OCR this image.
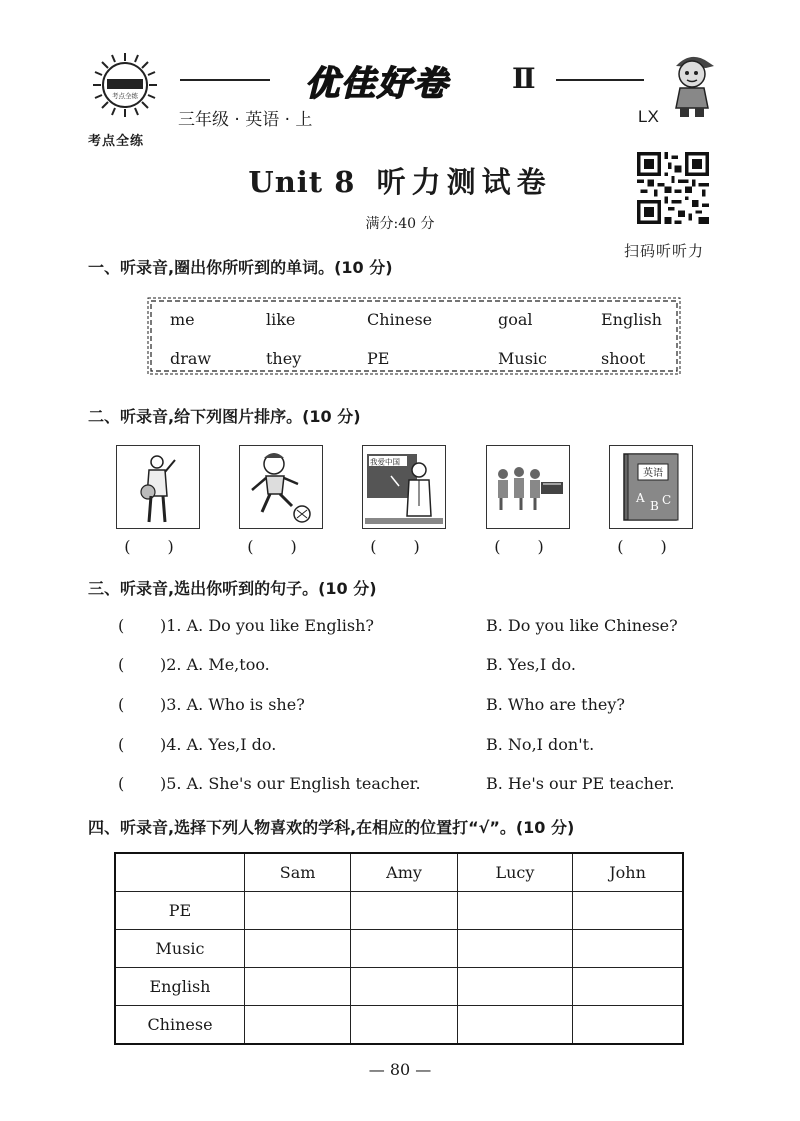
考点全练
考点全练
优佳好卷 Ⅱ
三年级 · 英语 · 上	LX
Unit 8 听力测试卷
满分:40 分
扫码听听力
一、听录音,圈出你所听到的单词。(10 分)
me	like	Chinese	goal	English
draw	they	PE	Music	shoot
二、听录音,给下列图片排序。(10 分)
我爱中国
英语
A
B C
( )	( )	( )	( )	( )
三、听录音,选出你听到的句子。(10 分)
( )1. A. Do you like English?	B. Do you like Chinese?
( )2. A. Me,too.	B. Yes,I do.
( )3. A. Who is she?	B. Who are they?
( )4. A. Yes,I do.	B. No,I don't.
( )5. A. She's our English teacher.	B. He's our PE teacher.
四、听录音,选择下列人物喜欢的学科,在相应的位置打“√”。(10 分)
	Sam	Amy	Lucy	John
PE				
Music				
English				
Chinese				
— 80 —
